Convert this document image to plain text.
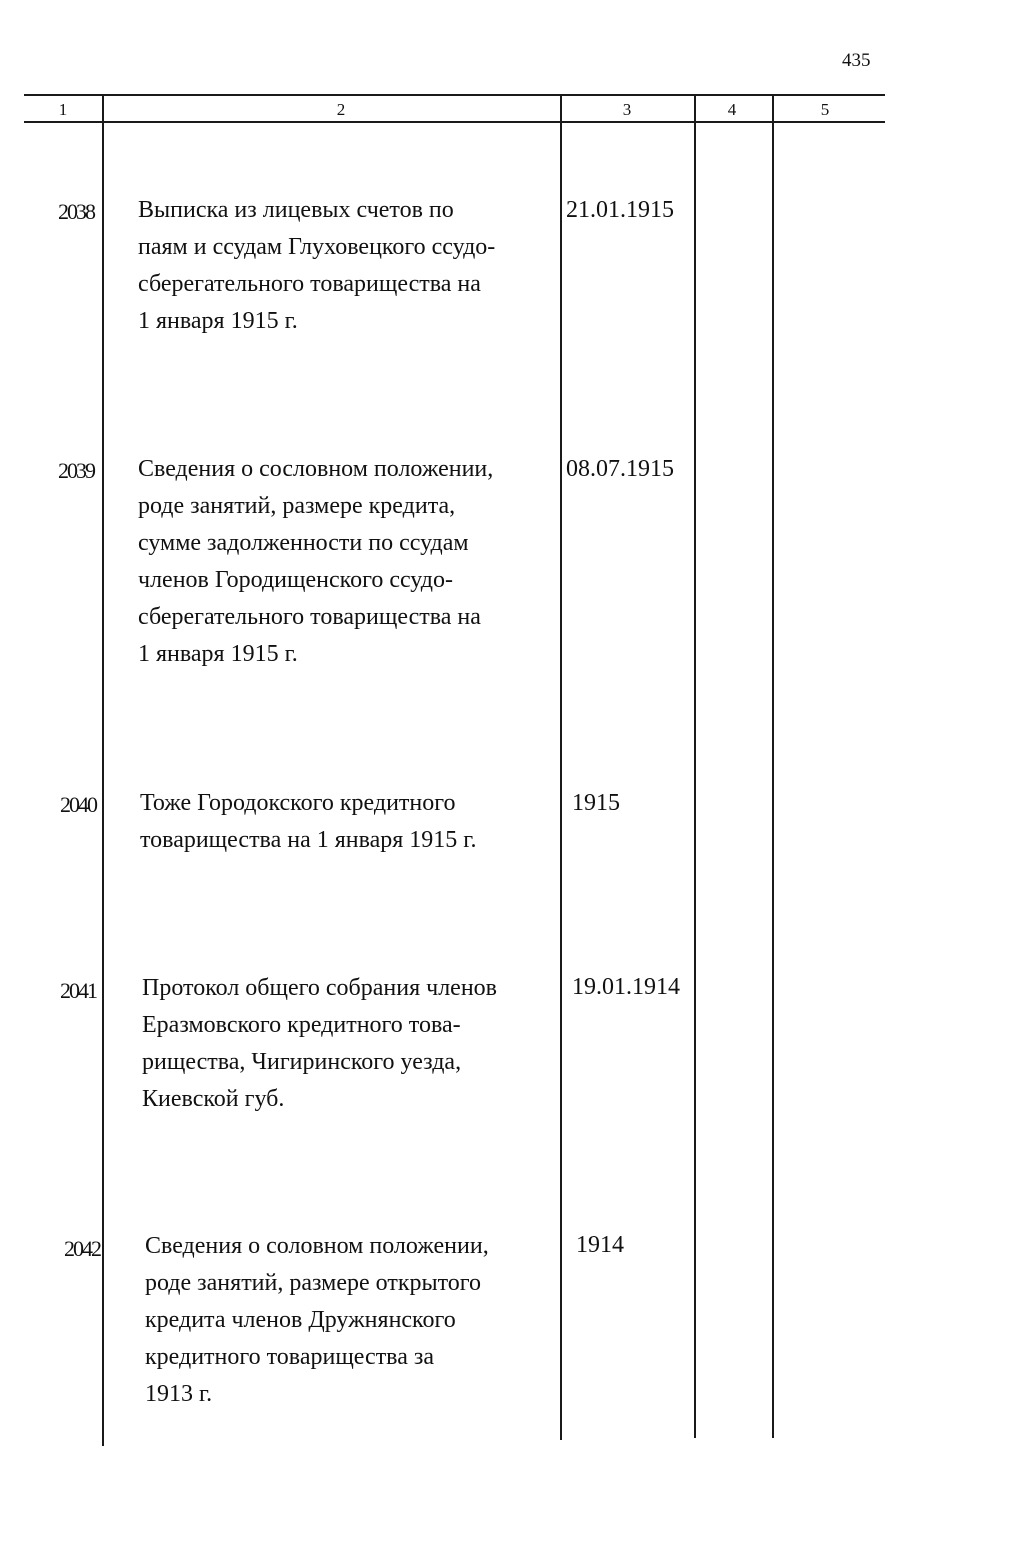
435
1	2	3	4	5
2038 Выписка из лицевых счетов по
паям и ссудам Глуховецкого ссудо-
сберегательного товарищества на
1 января 1915 г.
21.01.1915
2039 Сведения о сословном положении,
роде занятий, размере кредита,
сумме задолженности по ссудам
членов Городищенского ссудо-
сберегательного товарищества на
1 января 1915 г.
08.07.1915
2040 Тоже Городокского кредитного
товарищества на 1 января 1915 г.
1915
2041 Протокол общего собрания членов
Еразмовского кредитного това-
рищества, Чигиринского уезда,
Киевской губ.
19.01.1914
2042 Сведения о соловном положении,
роде занятий, размере открытого
кредита членов Дружнянского
кредитного товарищества за
1913 г.
1914
